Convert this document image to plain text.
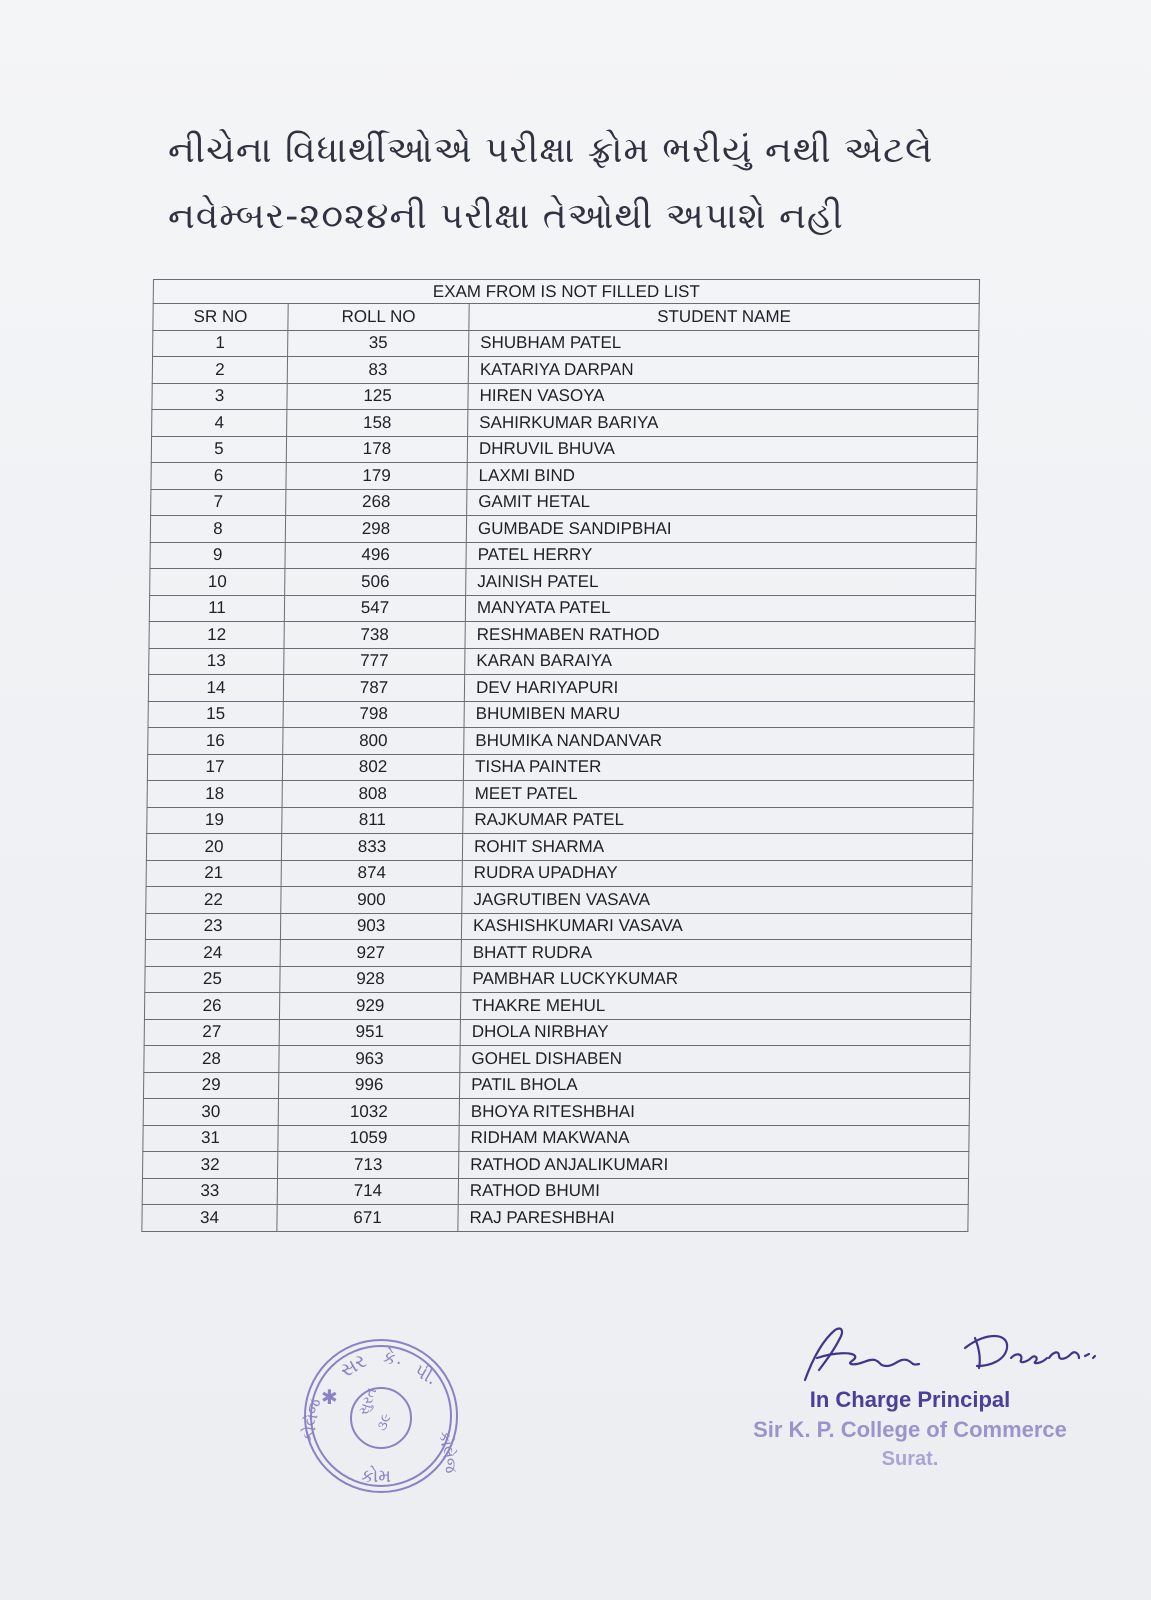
નીચેના વિધાર્થીઓએ પરીક્ષા ફ્રોમ ભરીયું નથી એટલે
નવેમ્બર-૨૦૨૪ની પરીક્ષા તેઓથી અપાશે નહી
EXAM FROM IS NOT FILLED LIST		
SR NO	ROLL NO	STUDENT NAME
1	35	SHUBHAM PATEL
2	83	KATARIYA DARPAN
3	125	HIREN VASOYA
4	158	SAHIRKUMAR BARIYA
5	178	DHRUVIL BHUVA
6	179	LAXMI BIND
7	268	GAMIT HETAL
8	298	GUMBADE SANDIPBHAI
9	496	PATEL HERRY
10	506	JAINISH PATEL
11	547	MANYATA PATEL
12	738	RESHMABEN RATHOD
13	777	KARAN BARAIYA
14	787	DEV HARIYAPURI
15	798	BHUMIBEN MARU
16	800	BHUMIKA NANDANVAR
17	802	TISHA PAINTER
18	808	MEET PATEL
19	811	RAJKUMAR PATEL
20	833	ROHIT SHARMA
21	874	RUDRA UPADHAY
22	900	JAGRUTIBEN VASAVA
23	903	KASHISHKUMARI VASAVA
24	927	BHATT RUDRA
25	928	PAMBHAR LUCKYKUMAR
26	929	THAKRE MEHUL
27	951	DHOLA NIRBHAY
28	963	GOHEL DISHABEN
29	996	PATIL BHOLA
30	1032	BHOYA RITESHBHAI
31	1059	RIDHAM MAKWANA
32	713	RATHOD ANJALIKUMARI
33	714	RATHOD BHUMI
34	671	RAJ PARESHBHAI
સર કે.
પી.
✱
કોલેજ
કોલેજ
કોમ
સુરત
૩૯
In Charge Principal
Sir K. P. College of Commerce
Surat.
